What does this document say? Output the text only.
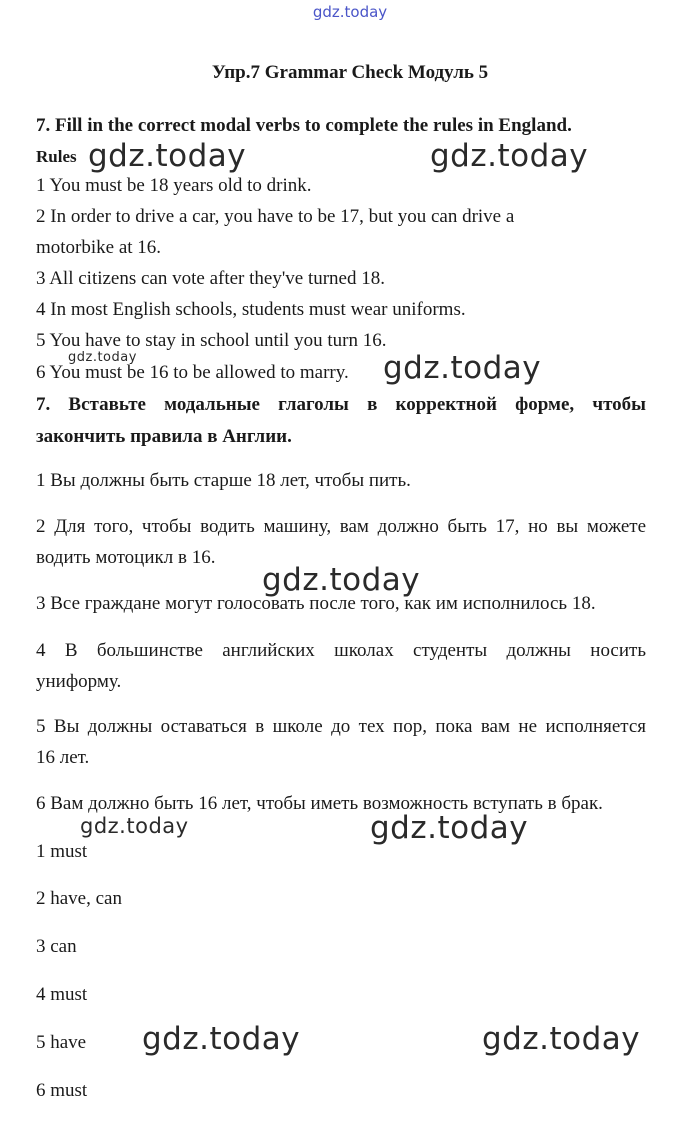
gdz.today
Упр.7 Grammar Check Модуль 5
7. Fill in the correct modal verbs to complete the rules in England.
Rules
1 You must be 18 years old to drink.
2 In order to drive a car, you have to be 17, but you can drive a
motorbike at 16.
3 All citizens can vote after they've turned 18.
4 In most English schools, students must wear uniforms.
5 You have to stay in school until you turn 16.
6 You must be 16 to be allowed to marry.
7. Вставьте модальные глаголы в корректной форме, чтобы
закончить правила в Англии.
1 Вы должны быть старше 18 лет, чтобы пить.
2 Для того, чтобы водить машину, вам должно быть 17, но вы можете
водить мотоцикл в 16.
3 Все граждане могут голосовать после того, как им исполнилось 18.
4 В большинстве английских школах студенты должны носить
униформу.
5 Вы должны оставаться в школе до тех пор, пока вам не исполняется
16 лет.
6 Вам должно быть 16 лет, чтобы иметь возможность вступать в брак.
1 must
2 have, can
3 can
4 must
5 have
6 must
gdz.today	gdz.today
gdz.today	gdz.today
gdz.today
gdz.today	gdz.today
gdz.today	gdz.today
